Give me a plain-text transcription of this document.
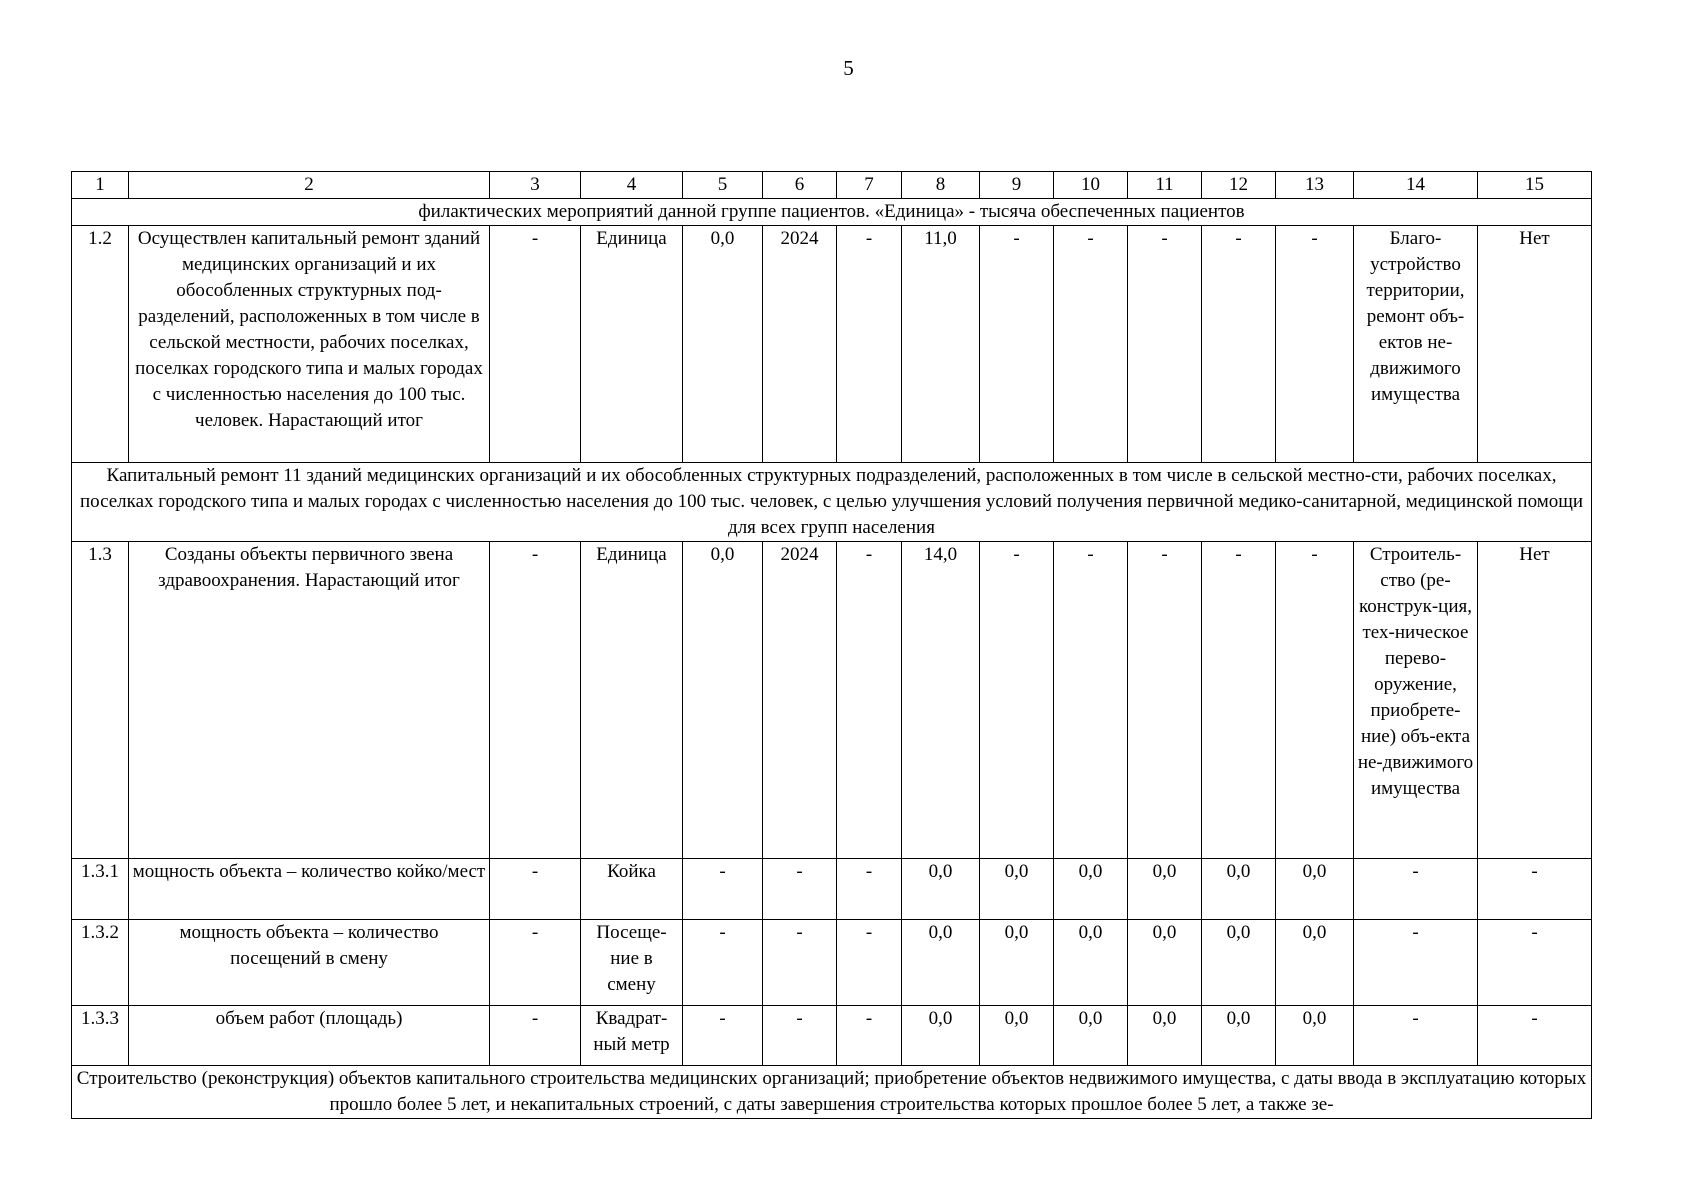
5
1	2	3	4	5	6	7	8	9	10	11	12	13	14	15
филактических мероприятий данной группе пациентов. «Единица» - тысяча обеспеченных пациентов														
1.2	Осуществлен капитальный ремонт зданий медицинских организаций и их обособленных структурных под-разделений, расположенных в том числе в сельской местности, рабочих поселках, поселках городского типа и малых городах с численностью населения до 100 тыс. человек. Нарастающий итог	-	Единица	0,0	2024	-	11,0	-	-	-	-	-	Благо-устройство территории, ремонт объ-ектов не-движимого имущества	Нет
Капитальный ремонт 11 зданий медицинских организаций и их обособленных структурных подразделений, расположенных в том числе в сельской местно-сти, рабочих поселках, поселках городского типа и малых городах с численностью населения до 100 тыс. человек, с целью улучшения условий получения первичной медико-санитарной, медицинской помощи для всех групп населения														
1.3	Созданы объекты первичного звена здравоохранения. Нарастающий итог	-	Единица	0,0	2024	-	14,0	-	-	-	-	-	Строитель-ство (ре-конструк-ция, тех-ническое перево-оружение, приобрете-ние) объ-екта не-движимого имущества	Нет
1.3.1	мощность объекта – количество койко/мест	-	Койка	-	-	-	0,0	0,0	0,0	0,0	0,0	0,0	-	-
1.3.2	мощность объекта – количество посещений в смену	-	Посеще-ние в смену	-	-	-	0,0	0,0	0,0	0,0	0,0	0,0	-	-
1.3.3	объем работ (площадь)	-	Квадрат-ный метр	-	-	-	0,0	0,0	0,0	0,0	0,0	0,0	-	-
Строительство (реконструкция) объектов капитального строительства медицинских организаций; приобретение объектов недвижимого имущества, с даты ввода в эксплуатацию которых прошло более 5 лет, и некапитальных строений, с даты завершения строительства которых прошлое более 5 лет, а также зе-														
